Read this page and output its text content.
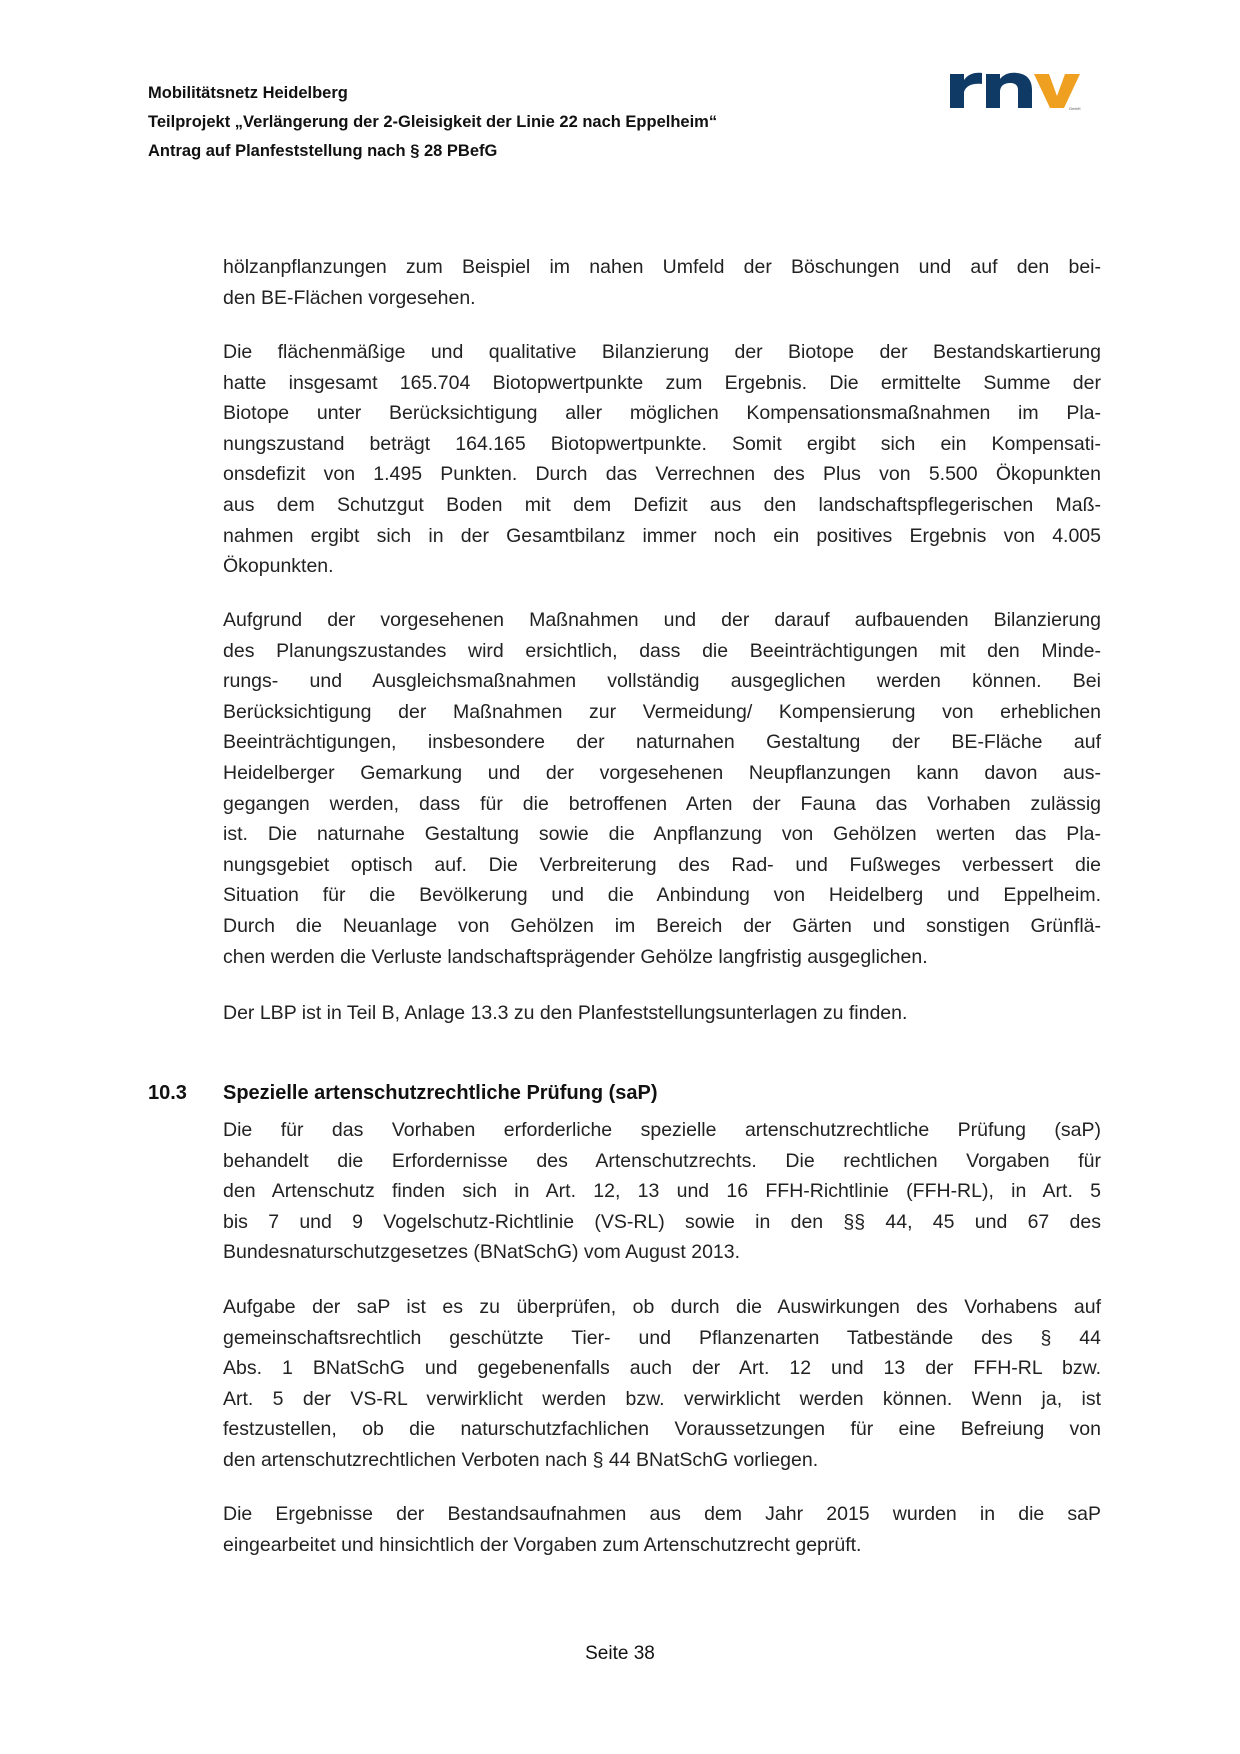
Mobilitätsnetz Heidelberg
Teilprojekt „Verlängerung der 2-Gleisigkeit der Linie 22 nach Eppelheim“
Antrag auf Planfeststellung nach § 28 PBefG
GmbH
hölzanpflanzungen zum Beispiel im nahen Umfeld der Böschungen und auf den bei-
den BE-Flächen vorgesehen.
Die flächenmäßige und qualitative Bilanzierung der Biotope der Bestandskartierung
hatte insgesamt 165.704 Biotopwertpunkte zum Ergebnis. Die ermittelte Summe der
Biotope unter Berücksichtigung aller möglichen Kompensationsmaßnahmen im Pla-
nungszustand beträgt 164.165 Biotopwertpunkte. Somit ergibt sich ein Kompensati-
onsdefizit von 1.495 Punkten. Durch das Verrechnen des Plus von 5.500 Ökopunkten
aus dem Schutzgut Boden mit dem Defizit aus den landschaftspflegerischen Maß-
nahmen ergibt sich in der Gesamtbilanz immer noch ein positives Ergebnis von 4.005
Ökopunkten.
Aufgrund der vorgesehenen Maßnahmen und der darauf aufbauenden Bilanzierung
des Planungszustandes wird ersichtlich, dass die Beeinträchtigungen mit den Minde-
rungs- und Ausgleichsmaßnahmen vollständig ausgeglichen werden können. Bei
Berücksichtigung der Maßnahmen zur Vermeidung/ Kompensierung von erheblichen
Beeinträchtigungen, insbesondere der naturnahen Gestaltung der BE-Fläche auf
Heidelberger Gemarkung und der vorgesehenen Neupflanzungen kann davon aus-
gegangen werden, dass für die betroffenen Arten der Fauna das Vorhaben zulässig
ist. Die naturnahe Gestaltung sowie die Anpflanzung von Gehölzen werten das Pla-
nungsgebiet optisch auf. Die Verbreiterung des Rad- und Fußweges verbessert die
Situation für die Bevölkerung und die Anbindung von Heidelberg und Eppelheim.
Durch die Neuanlage von Gehölzen im Bereich der Gärten und sonstigen Grünflä-
chen werden die Verluste landschaftsprägender Gehölze langfristig ausgeglichen.
Der LBP ist in Teil B, Anlage 13.3 zu den Planfeststellungsunterlagen zu finden.
10.3 Spezielle artenschutzrechtliche Prüfung (saP)
Die für das Vorhaben erforderliche spezielle artenschutzrechtliche Prüfung (saP)
behandelt die Erfordernisse des Artenschutzrechts. Die rechtlichen Vorgaben für
den Artenschutz finden sich in Art. 12, 13 und 16 FFH-Richtlinie (FFH-RL), in Art. 5
bis 7 und 9 Vogelschutz-Richtlinie (VS-RL) sowie in den §§ 44, 45 und 67 des
Bundesnaturschutzgesetzes (BNatSchG) vom August 2013.
Aufgabe der saP ist es zu überprüfen, ob durch die Auswirkungen des Vorhabens auf
gemeinschaftsrechtlich geschützte Tier- und Pflanzenarten Tatbestände des § 44
Abs. 1 BNatSchG und gegebenenfalls auch der Art. 12 und 13 der FFH-RL bzw.
Art. 5 der VS-RL verwirklicht werden bzw. verwirklicht werden können. Wenn ja, ist
festzustellen, ob die naturschutzfachlichen Voraussetzungen für eine Befreiung von
den artenschutzrechtlichen Verboten nach § 44 BNatSchG vorliegen.
Die Ergebnisse der Bestandsaufnahmen aus dem Jahr 2015 wurden in die saP
eingearbeitet und hinsichtlich der Vorgaben zum Artenschutzrecht geprüft.
Seite 38
